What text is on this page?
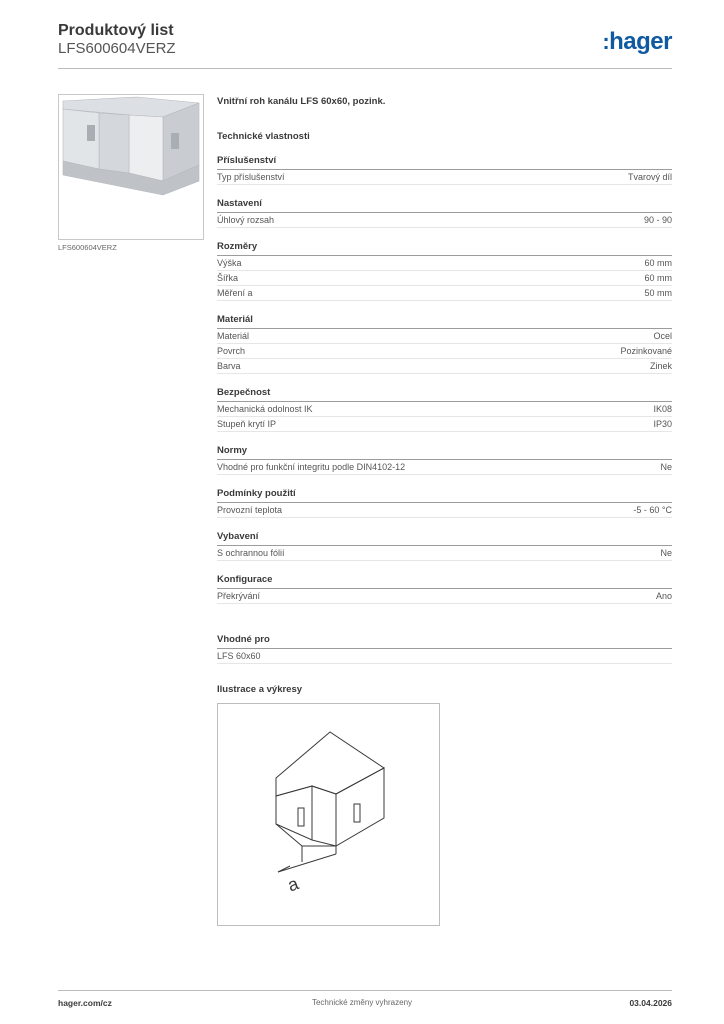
Produktový list
LFS600604VERZ	:hager
LFS600604VERZ
Vnitřní roh kanálu LFS 60x60, pozink.
Technické vlastnosti
Příslušenství
Typ příslušenství	Tvarový díl
Nastavení
Úhlový rozsah	90 - 90
Rozměry
Výška	60 mm
Šířka	60 mm
Měření a	50 mm
Materiál
Materiál	Ocel
Povrch	Pozinkované
Barva	Zinek
Bezpečnost
Mechanická odolnost IK	IK08
Stupeň krytí IP	IP30
Normy
Vhodné pro funkční integritu podle DIN4102-12	Ne
Podmínky použití
Provozní teplota	-5 - 60 °C
Vybavení
S ochrannou fólií	Ne
Konfigurace
Překrývání	Ano
Vhodné pro
LFS 60x60
Ilustrace a výkresy
a
hager.com/cz	Technické změny vyhrazeny	03.04.2026
